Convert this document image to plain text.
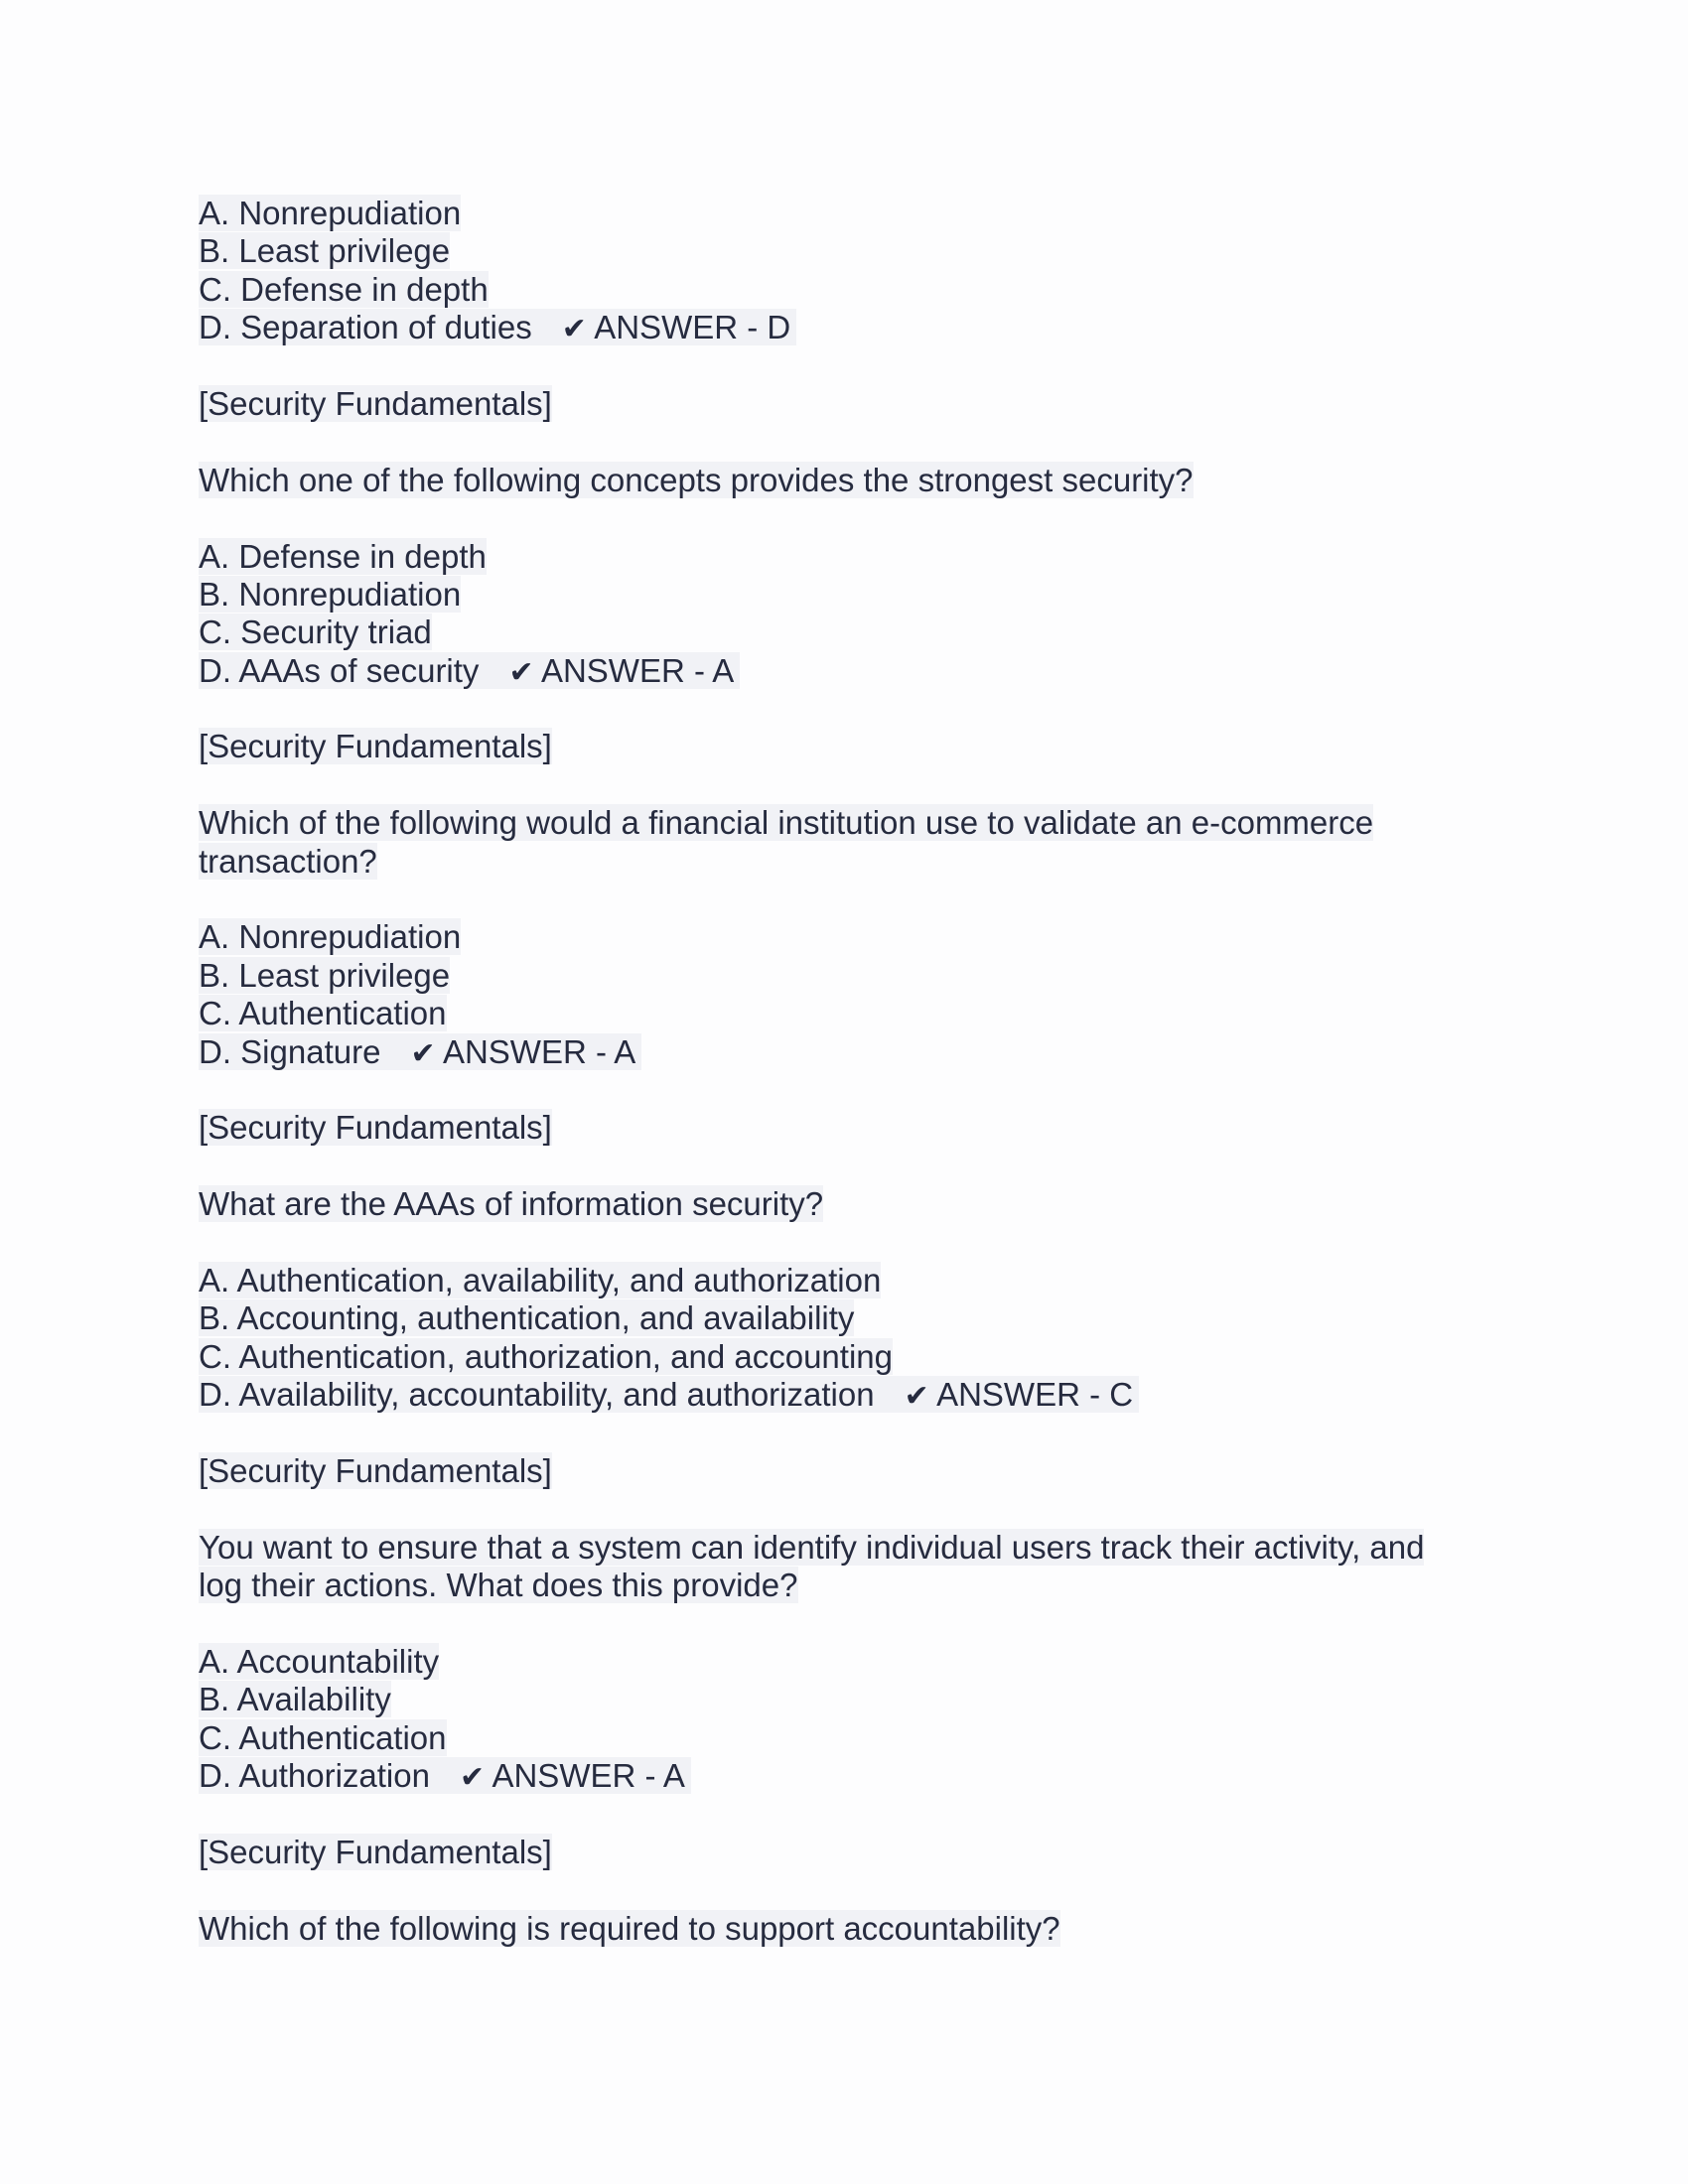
A. Nonrepudiation
B. Least privilege
C. Defense in depth
D. Separation of duties ✔ ANSWER - D
[Security Fundamentals]
Which one of the following concepts provides the strongest security?
A. Defense in depth
B. Nonrepudiation
C. Security triad
D. AAAs of security ✔ ANSWER - A
[Security Fundamentals]
Which of the following would a financial institution use to validate an e-commerce
transaction?
A. Nonrepudiation
B. Least privilege
C. Authentication
D. Signature ✔ ANSWER - A
[Security Fundamentals]
What are the AAAs of information security?
A. Authentication, availability, and authorization
B. Accounting, authentication, and availability
C. Authentication, authorization, and accounting
D. Availability, accountability, and authorization ✔ ANSWER - C
[Security Fundamentals]
You want to ensure that a system can identify individual users track their activity, and
log their actions. What does this provide?
A. Accountability
B. Availability
C. Authentication
D. Authorization ✔ ANSWER - A
[Security Fundamentals]
Which of the following is required to support accountability?
